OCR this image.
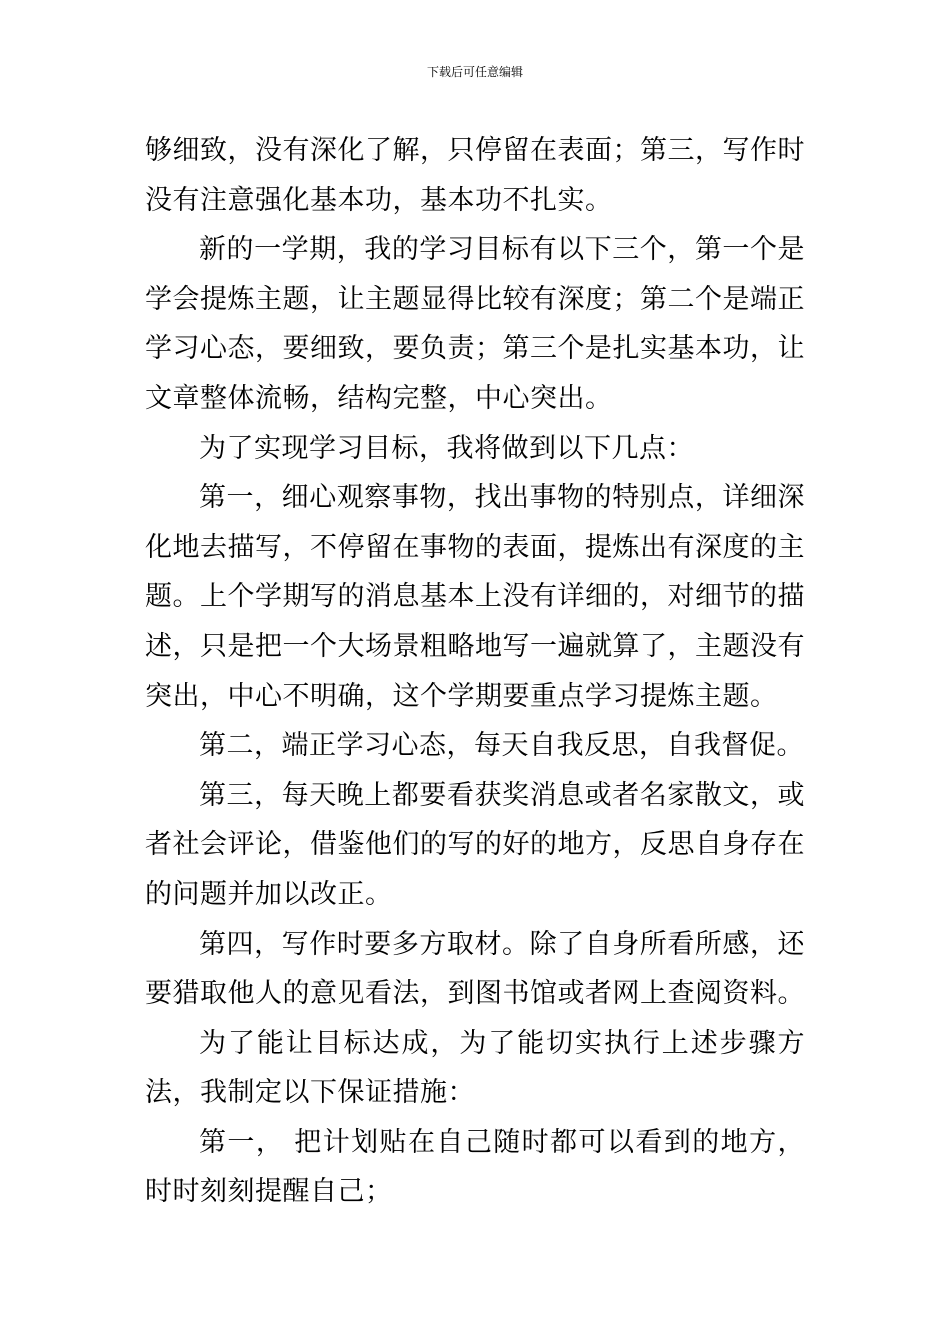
下载后可任意编辑

够细致，没有深化了解，只停留在表面；第三，写作时没有注意强化基本功，基本功不扎实。

新的一学期，我的学习目标有以下三个，第一个是学会提炼主题，让主题显得比较有深度；第二个是端正学习心态，要细致，要负责；第三个是扎实基本功，让文章整体流畅，结构完整，中心突出。

为了实现学习目标，我将做到以下几点：

第一，细心观察事物，找出事物的特别点，详细深化地去描写，不停留在事物的表面，提炼出有深度的主题。上个学期写的消息基本上没有详细的，对细节的描述，只是把一个大场景粗略地写一遍就算了，主题没有突出，中心不明确，这个学期要重点学习提炼主题。

第二，端正学习心态，每天自我反思，自我督促。

第三，每天晚上都要看获奖消息或者名家散文，或者社会评论，借鉴他们的写的好的地方，反思自身存在的问题并加以改正。

第四，写作时要多方取材。除了自身所看所感，还要猎取他人的意见看法，到图书馆或者网上查阅资料。

为了能让目标达成，为了能切实执行上述步骤方法，我制定以下保证措施：

第一， 把计划贴在自己随时都可以看到的地方，时时刻刻提醒自己；
